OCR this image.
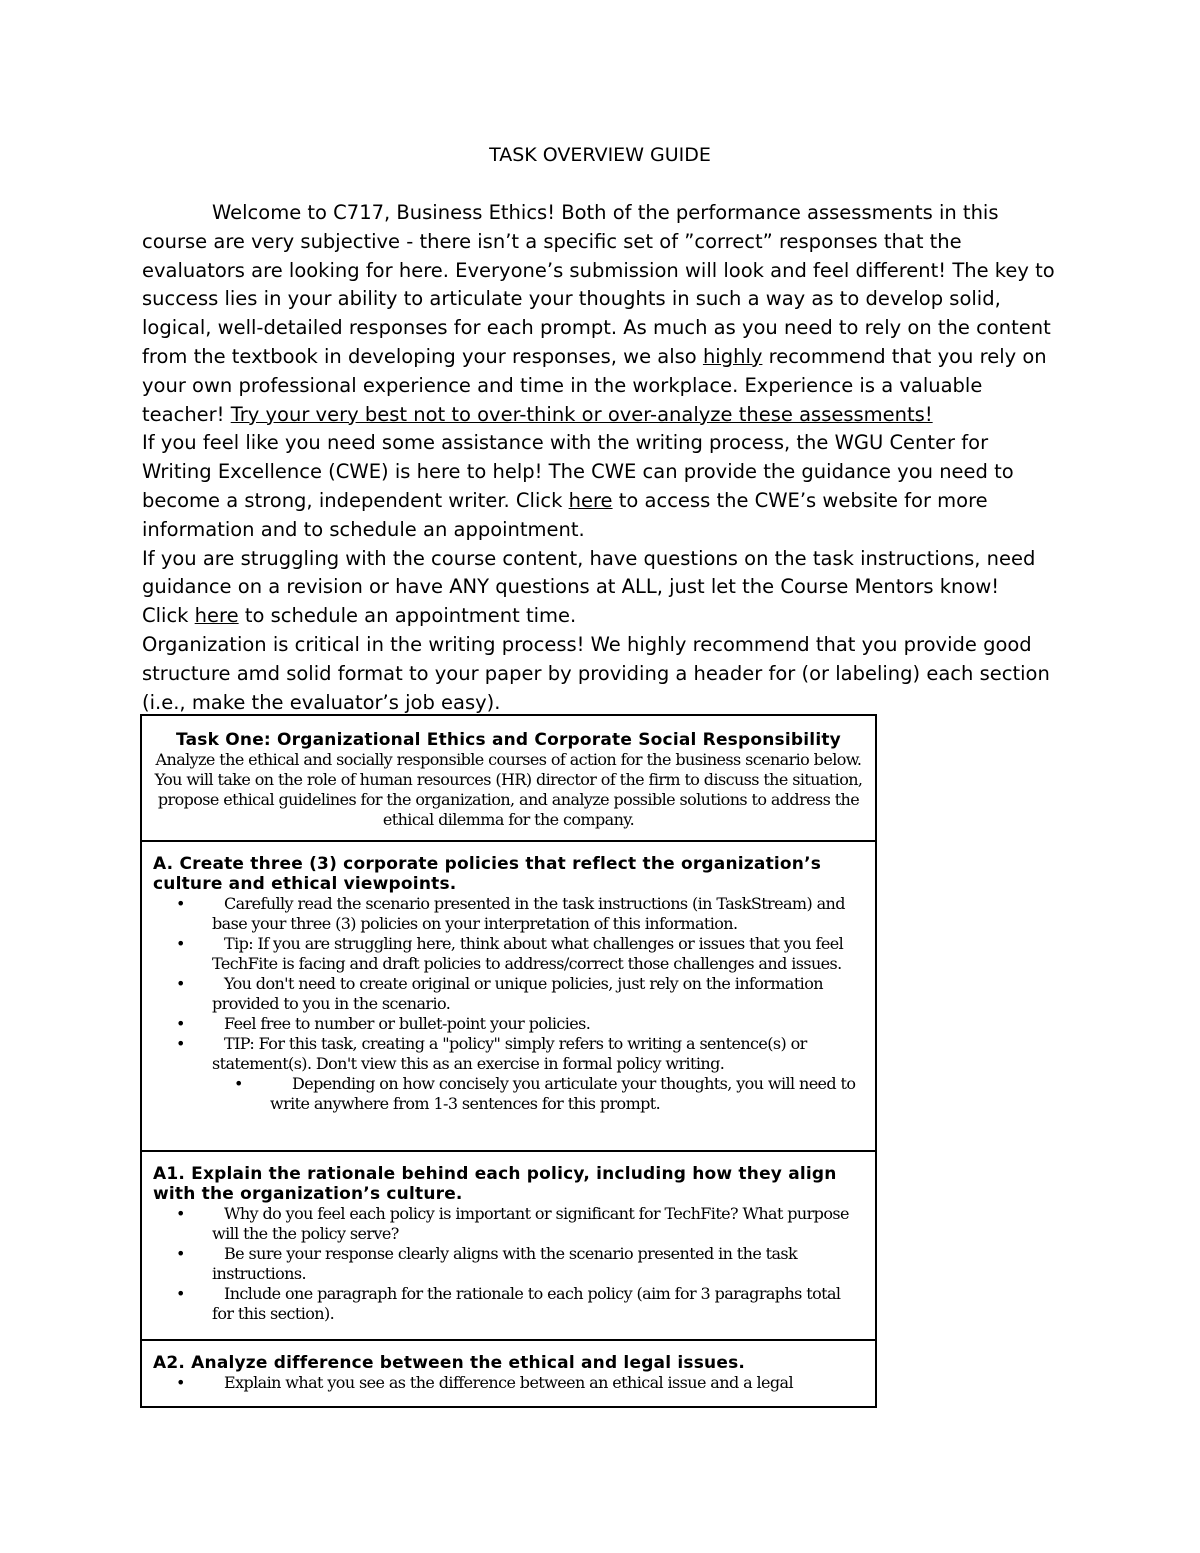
TASK OVERVIEW GUIDE

Welcome to C717, Business Ethics! Both of the performance assessments in this course are very subjective - there isn’t a specific set of ”correct” responses that the evaluators are looking for here. Everyone’s submission will look and feel different! The key to success lies in your ability to articulate your thoughts in such a way as to develop solid, logical, well-detailed responses for each prompt. As much as you need to rely on the content from the textbook in developing your responses, we also highly recommend that you rely on your own professional experience and time in the workplace. Experience is a valuable teacher! Try your very best not to over-think or over-analyze these assessments!

If you feel like you need some assistance with the writing process, the WGU Center for Writing Excellence (CWE) is here to help! The CWE can provide the guidance you need to become a strong, independent writer. Click here to access the CWE’s website for more information and to schedule an appointment.

If you are struggling with the course content, have questions on the task instructions, need guidance on a revision or have ANY questions at ALL, just let the Course Mentors know!

Click here to schedule an appointment time.

Organization is critical in the writing process! We highly recommend that you provide good structure amd solid format to your paper by providing a header for (or labeling) each section (i.e., make the evaluator’s job easy).

Task One: Organizational Ethics and Corporate Social Responsibility
Analyze the ethical and socially responsible courses of action for the business scenario below. You will take on the role of human resources (HR) director of the firm to discuss the situation, propose ethical guidelines for the organization, and analyze possible solutions to address the ethical dilemma for the company.
A. Create three (3) corporate policies that reflect the organization’s culture and ethical viewpoints.
• Carefully read the scenario presented in the task instructions (in TaskStream) and base your three (3) policies on your interpretation of this information.
• Tip: If you are struggling here, think about what challenges or issues that you feel TechFite is facing and draft policies to address/correct those challenges and issues.
• You don't need to create original or unique policies, just rely on the information provided to you in the scenario.
• Feel free to number or bullet-point your policies.
• TIP: For this task, creating a "policy" simply refers to writing a sentence(s) or statement(s). Don't view this as an exercise in formal policy writing.
• Depending on how concisely you articulate your thoughts, you will need to write anywhere from 1-3 sentences for this prompt.
A1. Explain the rationale behind each policy, including how they align with the organization’s culture.
• Why do you feel each policy is important or significant for TechFite? What purpose will the the policy serve?
• Be sure your response clearly aligns with the scenario presented in the task instructions.
• Include one paragraph for the rationale to each policy (aim for 3 paragraphs total for this section).
A2. Analyze difference between the ethical and legal issues.
• Explain what you see as the difference between an ethical issue and a legal
